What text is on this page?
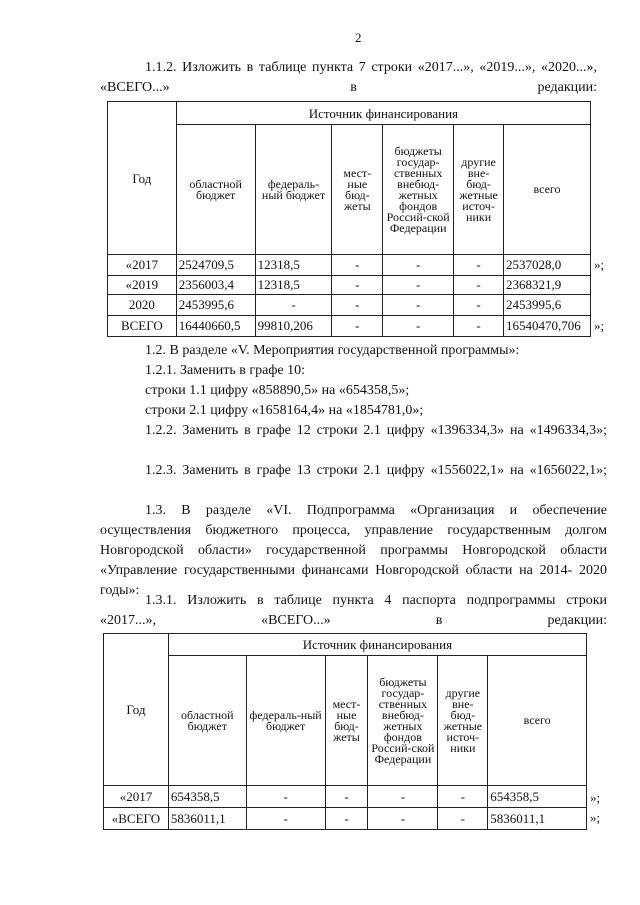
2

1.1.2. Изложить в таблице пункта 7 строки «2017...», «2019...», «2020...», «ВСЕГО...» в редакции:

Год	Источник финансирования					
	областной бюджет	федераль-ный бюджет	мест-ные бюд-жеты	бюджеты государ-ственных внебюд-жетных фондов Россий-ской Федерации	другие вне-бюд-жетные источ-ники	всего
«2017	2524709,5	12318,5	-	-	-	2537028,0
«2019	2356003,4	12318,5	-	-	-	2368321,9
2020	2453995,6	-	-	-	-	2453995,6
ВСЕГО	16440660,5	99810,206	-	-	-	16540470,706
»;
»;

1.2. В разделе «V. Мероприятия государственной программы»:

1.2.1. Заменить в графе 10:

строки 1.1 цифру «858890,5» на «654358,5»;

строки 2.1 цифру «1658164,4» на «1854781,0»;

1.2.2. Заменить в графе 12 строки 2.1 цифру «1396334,3» на «1496334,3»;

1.2.3. Заменить в графе 13 строки 2.1 цифру «1556022,1» на «1656022,1»;

1.3. В разделе «VI. Подпрограмма «Организация и обеспечение осуществления бюджетного процесса, управление государственным долгом Новгородской области» государственной программы Новгородской области «Управление государственными финансами Новгородской области на 2014- 2020 годы»:

1.3.1. Изложить в таблице пункта 4 паспорта подпрограммы строки «2017...», «ВСЕГО...» в редакции:

Год	Источник финансирования					
	областной бюджет	федераль-ный бюджет	мест-ные бюд-жеты	бюджеты государ-ственных внебюд-жетных фондов Россий-ской Федерации	другие вне-бюд-жетные источ-ники	всего
«2017	654358,5	-	-	-	-	654358,5
«ВСЕГО	5836011,1	-	-	-	-	5836011,1
»;
»;
